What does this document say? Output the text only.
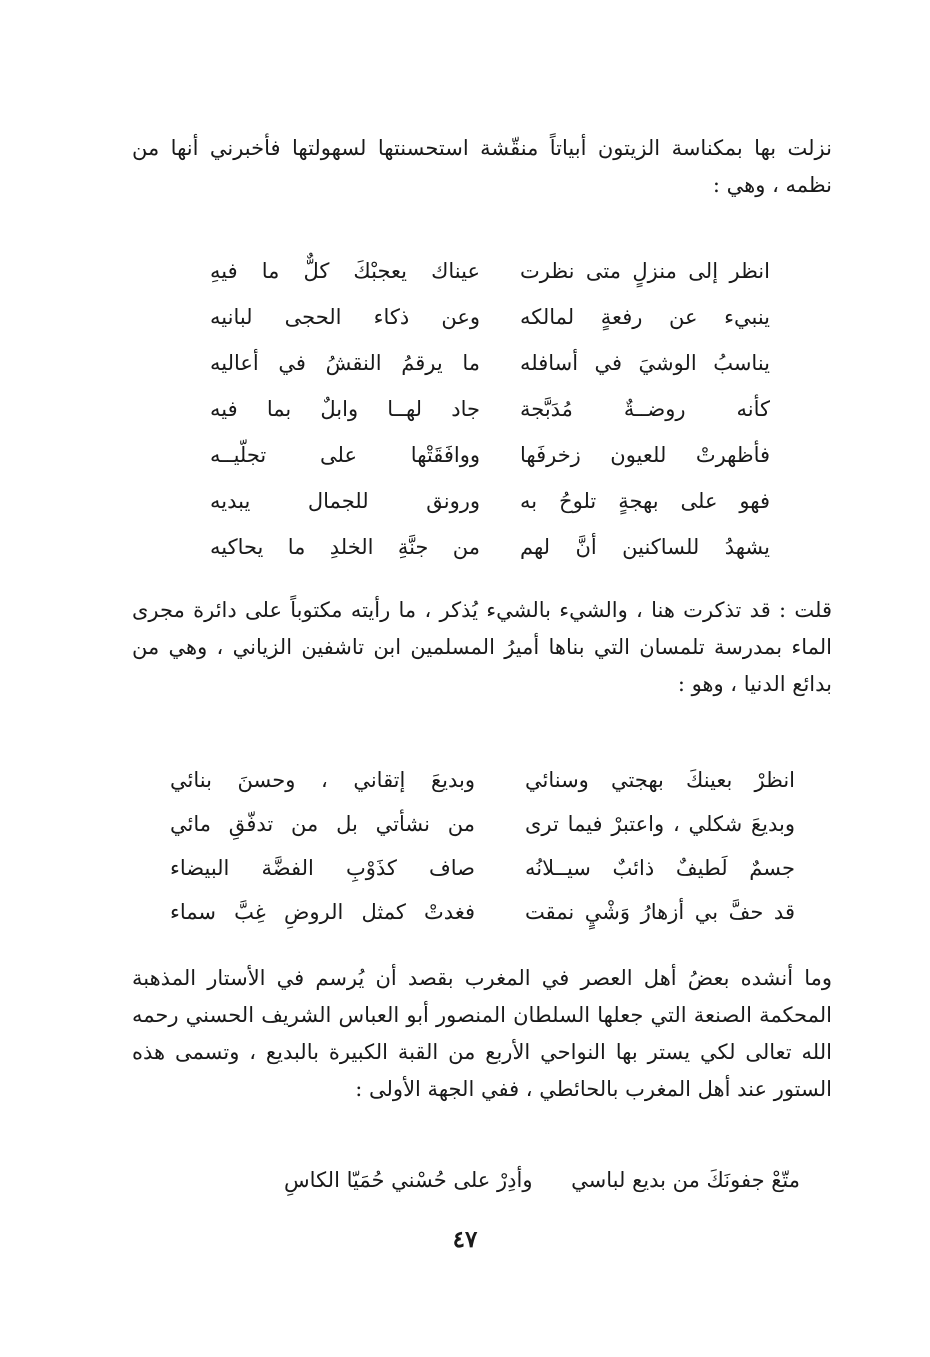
نزلت بها بمكناسة الزيتون أبياتاً منقّشة استحسنتها لسهولتها فأخبرني أنها من نظمه ، وهي :

انظر إلى منزلٍ متى نظرت
عيناك يعجبْكَ كلٌّ ما فيهِ
ينبيء عن رفعةٍ لمالكه
وعن ذكاء الحجى لبانيه
يناسبُ الوشيَ في أسافله
ما يرقمُ النقشُ في أعاليه
كأنه روضــةٌ مُدَبَّجة
جاد لهــا وابلٌ بما فيه
فأظهرتْ للعيون زخرفَها
ووافَقَتْها على تجلّيــه
فهو على بهجةٍ تلوحُ به
ورونق للجمال يبديه
يشهدُ للساكنين أنَّ لهم
من جنَّةِ الخلدِ ما يحاكيه

قلت : قد تذكرت هنا ، والشيء بالشيء يُذكر ، ما رأيته مكتوباً على دائرة مجرى الماء بمدرسة تلمسان التي بناها أميرُ المسلمين ابن تاشفين الزياني ، وهي من بدائع الدنيا ، وهو :

انظرْ بعينكَ بهجتي وسنائي
وبديعَ إتقاني ، وحسنَ بنائي
وبديعَ شكلي ، واعتبرْ فيما ترى
من نشأتي بل من تدفّقِ مائي
جسمٌ لَطيفٌ ذائبٌ سيــلانُه
صاف كذَوْبِ الفضَّة البيضاء
قد حفَّ بي أزهارُ وَشْيٍ نمقت
فغدتْ كمثل الروضِ غِبَّ سماء

وما أنشده بعضُ أهل العصر في المغرب بقصد أن يُرسم في الأستار المذهبة المحكمة الصنعة التي جعلها السلطان المنصور أبو العباس الشريف الحسني رحمه الله تعالى لكي يستر بها النواحي الأربع من القبة الكبيرة بالبديع ، وتسمى هذه الستور عند أهل المغرب بالحائطي ، ففي الجهة الأولى :

متّعْ جفونَكَ من بديع لباسي وأدِرْ على حُسْني حُمَيّا الكاسِ
٤٧
